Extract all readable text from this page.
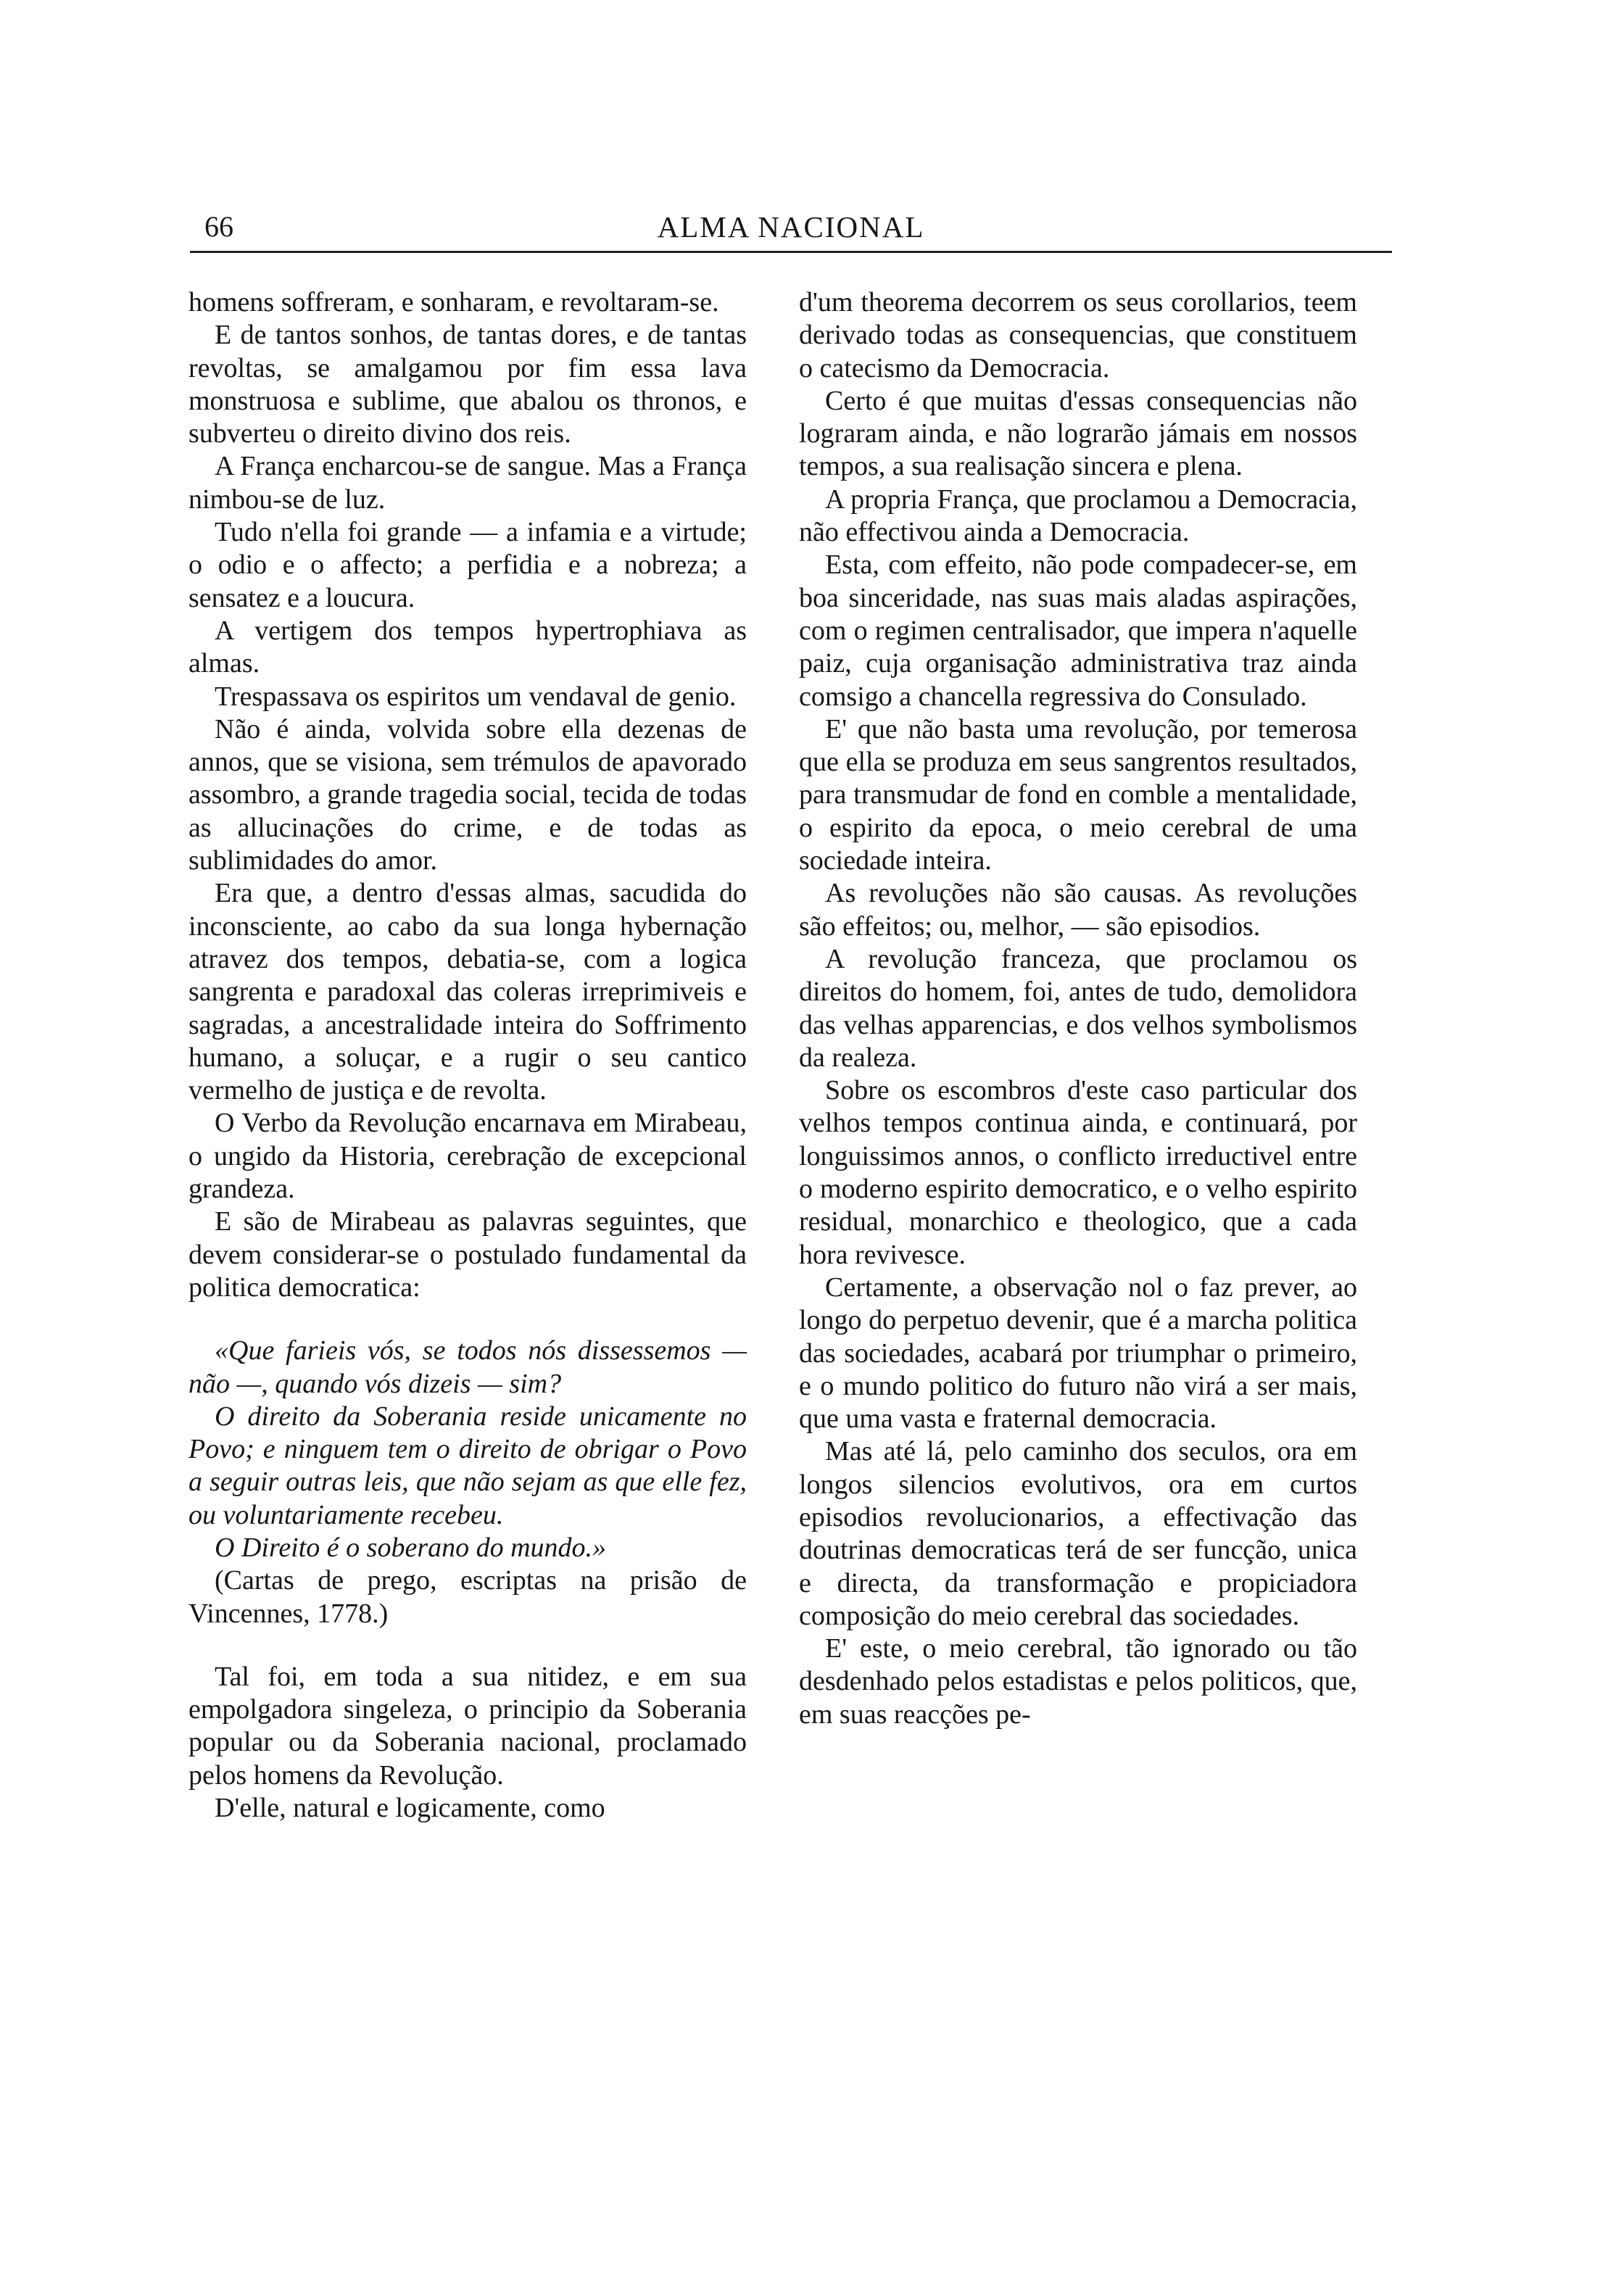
66	ALMA NACIONAL

homens soffreram, e sonharam, e revoltaram-se.

E de tantos sonhos, de tantas dores, e de tantas revoltas, se amalgamou por fim essa lava monstruosa e sublime, que abalou os thronos, e subverteu o direito divino dos reis.

A França encharcou-se de sangue. Mas a França nimbou-se de luz.

Tudo n'ella foi grande — a infamia e a virtude; o odio e o affecto; a perfidia e a nobreza; a sensatez e a loucura.

A vertigem dos tempos hypertrophiava as almas.

Trespassava os espiritos um vendaval de genio.

Não é ainda, volvida sobre ella dezenas de annos, que se visiona, sem trémulos de apavorado assombro, a grande tragedia social, tecida de todas as allucinações do crime, e de todas as sublimidades do amor.

Era que, a dentro d'essas almas, sacudida do inconsciente, ao cabo da sua longa hybernação atravez dos tempos, debatia-se, com a logica sangrenta e paradoxal das coleras irreprimiveis e sagradas, a ancestralidade inteira do Soffrimento humano, a soluçar, e a rugir o seu cantico vermelho de justiça e de revolta.

O Verbo da Revolução encarnava em Mirabeau, o ungido da Historia, cerebração de excepcional grandeza.

E são de Mirabeau as palavras seguintes, que devem considerar-se o postulado fundamental da politica democratica:

«Que farieis vós, se todos nós dissessemos — não —, quando vós dizeis — sim?

O direito da Soberania reside unicamente no Povo; e ninguem tem o direito de obrigar o Povo a seguir outras leis, que não sejam as que elle fez, ou voluntariamente recebeu.

O Direito é o soberano do mundo.»

(Cartas de prego, escriptas na prisão de Vincennes, 1778.)

Tal foi, em toda a sua nitidez, e em sua empolgadora singeleza, o principio da Soberania popular ou da Soberania nacional, proclamado pelos homens da Revolução.

D'elle, natural e logicamente, como

d'um theorema decorrem os seus corollarios, teem derivado todas as consequencias, que constituem o catecismo da Democracia.

Certo é que muitas d'essas consequencias não lograram ainda, e não lograrão jámais em nossos tempos, a sua realisação sincera e plena.

A propria França, que proclamou a Democracia, não effectivou ainda a Democracia.

Esta, com effeito, não pode compadecer-se, em boa sinceridade, nas suas mais aladas aspirações, com o regimen centralisador, que impera n'aquelle paiz, cuja organisação administrativa traz ainda comsigo a chancella regressiva do Consulado.

E' que não basta uma revolução, por temerosa que ella se produza em seus sangrentos resultados, para transmudar de fond en comble a mentalidade, o espirito da epoca, o meio cerebral de uma sociedade inteira.

As revoluções não são causas. As revoluções são effeitos; ou, melhor, — são episodios.

A revolução franceza, que proclamou os direitos do homem, foi, antes de tudo, demolidora das velhas apparencias, e dos velhos symbolismos da realeza.

Sobre os escombros d'este caso particular dos velhos tempos continua ainda, e continuará, por longuissimos annos, o conflicto irreductivel entre o moderno espirito democratico, e o velho espirito residual, monarchico e theologico, que a cada hora revivesce.

Certamente, a observação nol o faz prever, ao longo do perpetuo devenir, que é a marcha politica das sociedades, acabará por triumphar o primeiro, e o mundo politico do futuro não virá a ser mais, que uma vasta e fraternal democracia.

Mas até lá, pelo caminho dos seculos, ora em longos silencios evolutivos, ora em curtos episodios revolucionarios, a effectivação das doutrinas democraticas terá de ser funcção, unica e directa, da transformação e propiciadora composição do meio cerebral das sociedades.

E' este, o meio cerebral, tão ignorado ou tão desdenhado pelos estadistas e pelos politicos, que, em suas reacções pe-
